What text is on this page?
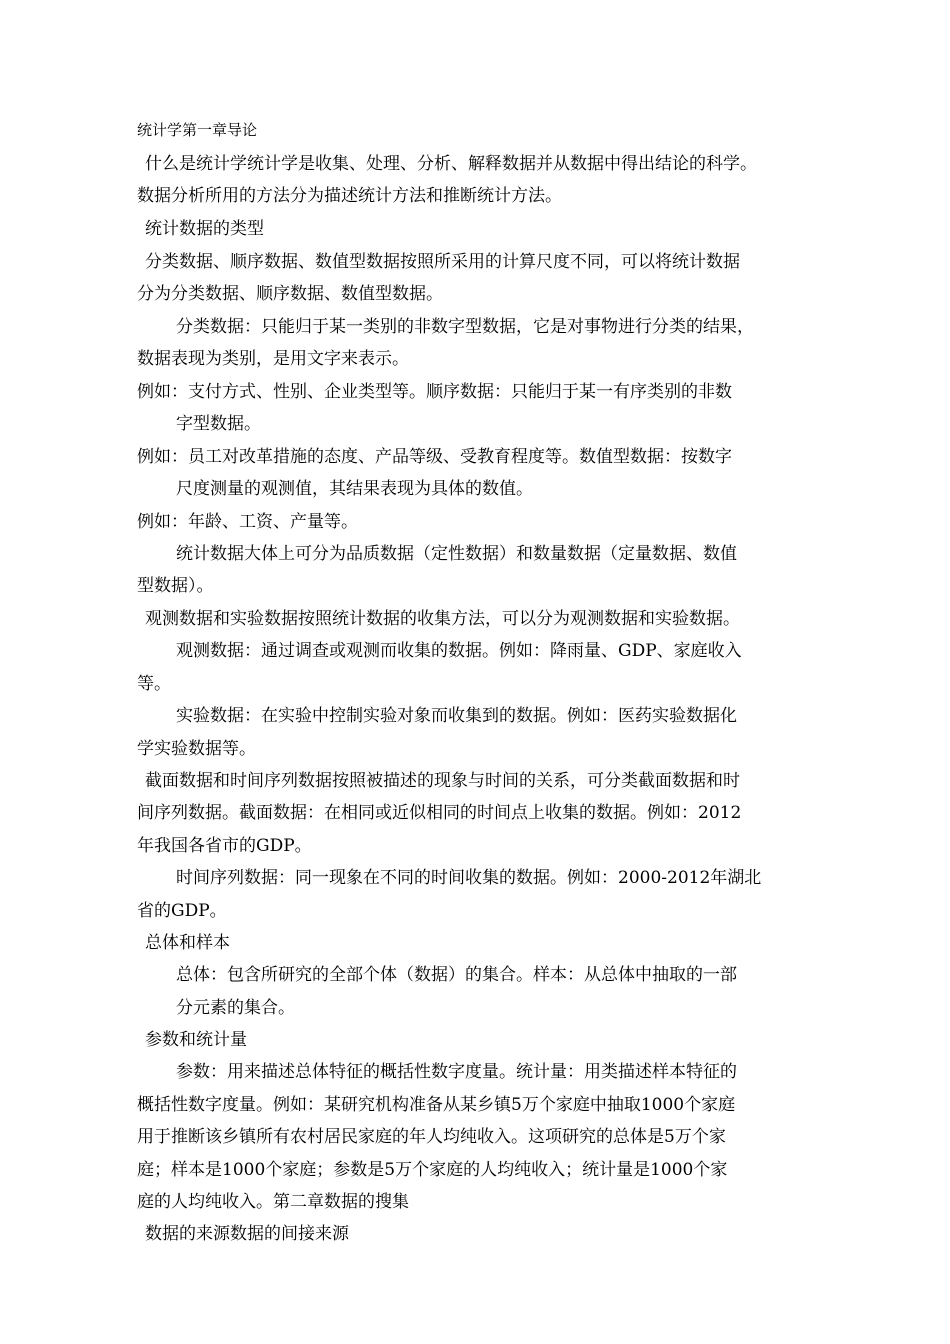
统计学第一章导论
什么是统计学统计学是收集、处理、分析、解释数据并从数据中得出结论的科学。
数据分析所用的方法分为描述统计方法和推断统计方法。
统计数据的类型
分类数据、顺序数据、数值型数据按照所采用的计算尺度不同，可以将统计数据
分为分类数据、顺序数据、数值型数据。
分类数据：只能归于某一类别的非数字型数据，它是对事物进行分类的结果，
数据表现为类别，是用文字来表示。
例如：支付方式、性别、企业类型等。顺序数据：只能归于某一有序类别的非数
字型数据。
例如：员工对改革措施的态度、产品等级、受教育程度等。数值型数据：按数字
尺度测量的观测值，其结果表现为具体的数值。
例如：年龄、工资、产量等。
统计数据大体上可分为品质数据（定性数据）和数量数据（定量数据、数值
型数据）。
观测数据和实验数据按照统计数据的收集方法，可以分为观测数据和实验数据。
观测数据：通过调查或观测而收集的数据。例如：降雨量、GDP、家庭收入
等。
实验数据：在实验中控制实验对象而收集到的数据。例如：医药实验数据化
学实验数据等。
截面数据和时间序列数据按照被描述的现象与时间的关系，可分类截面数据和时
间序列数据。截面数据：在相同或近似相同的时间点上收集的数据。例如：2012
年我国各省市的GDP。
时间序列数据：同一现象在不同的时间收集的数据。例如：2000-2012年湖北
省的GDP。
总体和样本
总体：包含所研究的全部个体（数据）的集合。样本：从总体中抽取的一部
分元素的集合。
参数和统计量
参数：用来描述总体特征的概括性数字度量。统计量：用类描述样本特征的
概括性数字度量。例如：某研究机构准备从某乡镇5万个家庭中抽取1000个家庭
用于推断该乡镇所有农村居民家庭的年人均纯收入。这项研究的总体是5万个家
庭；样本是1000个家庭；参数是5万个家庭的人均纯收入；统计量是1000个家
庭的人均纯收入。第二章数据的搜集
数据的来源数据的间接来源
